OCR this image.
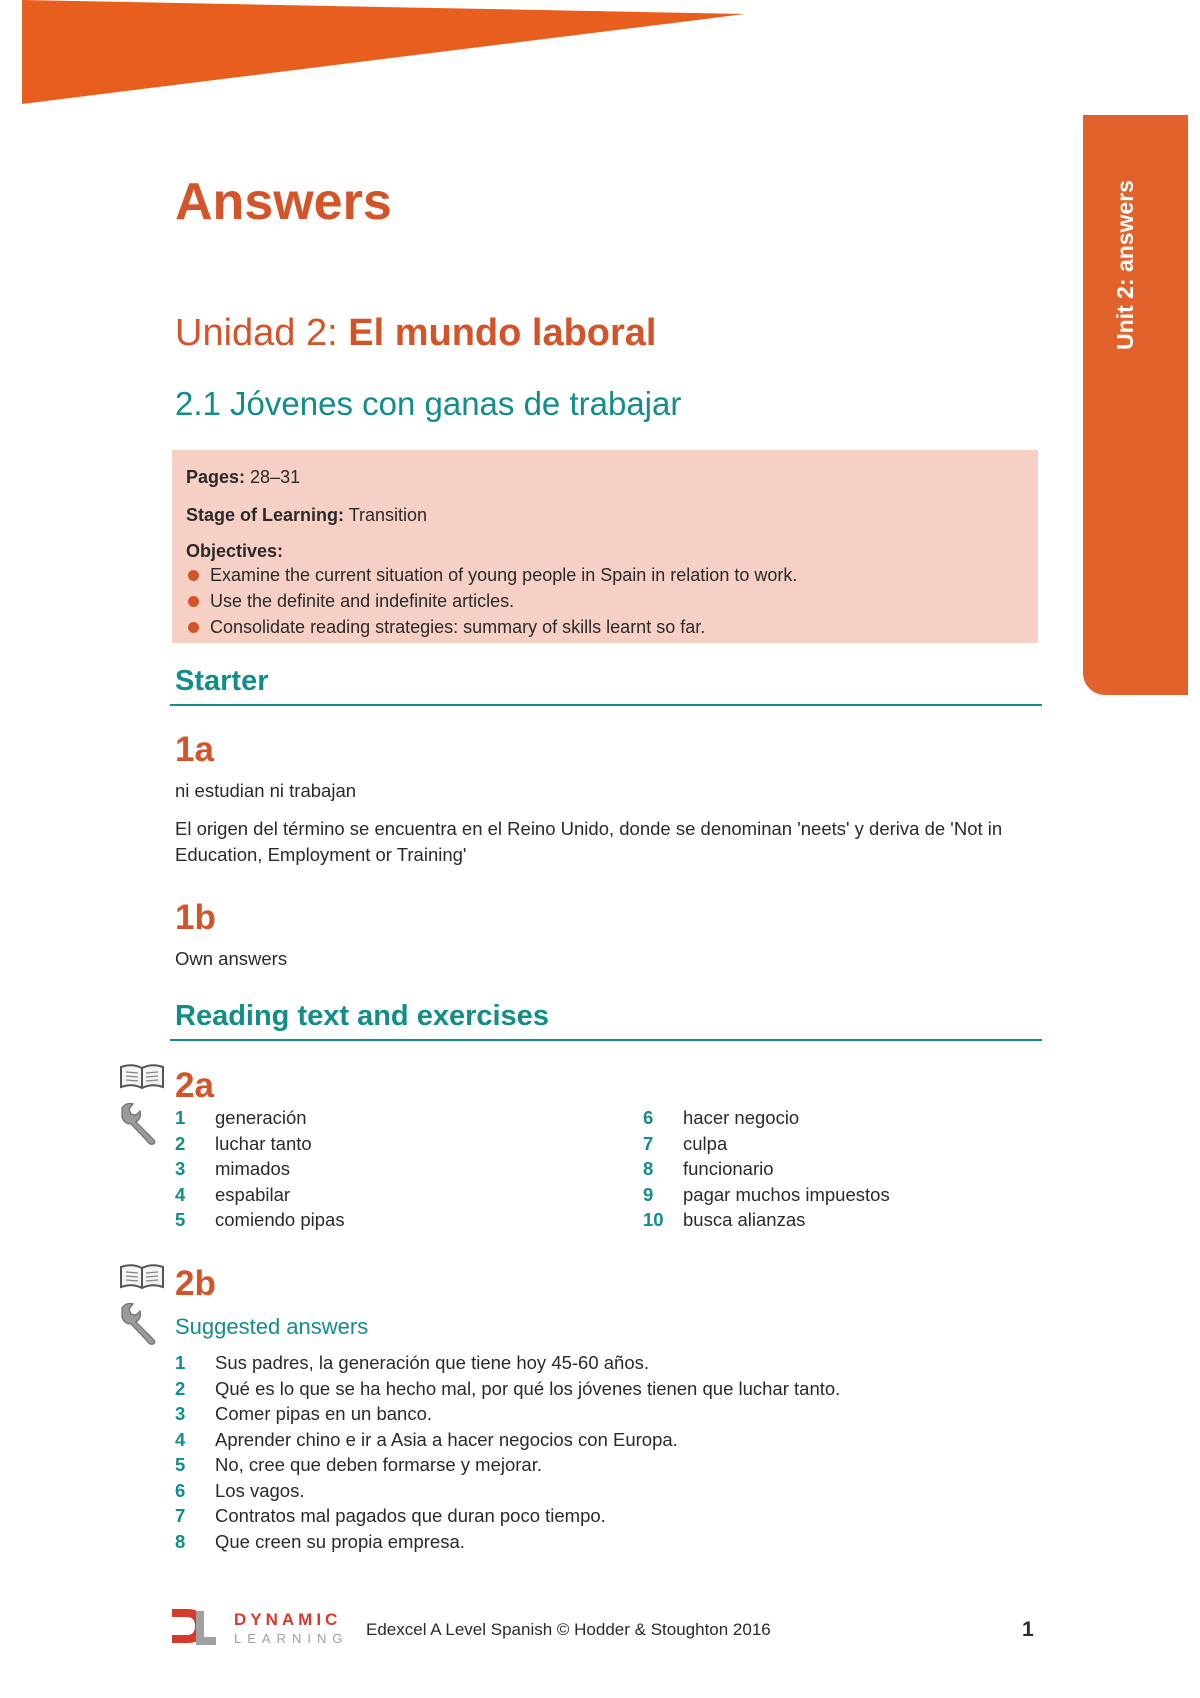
Unit 2: answers
Answers
Unidad 2: El mundo laboral
2.1 Jóvenes con ganas de trabajar
Pages: 28–31
Stage of Learning: Transition
Objectives:
Examine the current situation of young people in Spain in relation to work.
Use the definite and indefinite articles.
Consolidate reading strategies: summary of skills learnt so far.
Starter
1a
ni estudian ni trabajan
El origen del término se encuentra en el Reino Unido, donde se denominan 'neets' y deriva de 'Not in Education, Employment or Training'
1b
Own answers
Reading text and exercises
2a
1	generación
2	luchar tanto
3	mimados
4	espabilar
5	comiendo pipas
6	hacer negocio
7	culpa
8	funcionario
9	pagar muchos impuestos
10	busca alianzas
2b
Suggested answers
1	Sus padres, la generación que tiene hoy 45-60 años.
2	Qué es lo que se ha hecho mal, por qué los jóvenes tienen que luchar tanto.
3	Comer pipas en un banco.
4	Aprender chino e ir a Asia a hacer negocios con Europa.
5	No, cree que deben formarse y mejorar.
6	Los vagos.
7	Contratos mal pagados que duran poco tiempo.
8	Que creen su propia empresa.
DYNAMIC
LEARNING Edexcel A Level Spanish © Hodder & Stoughton 2016	1
